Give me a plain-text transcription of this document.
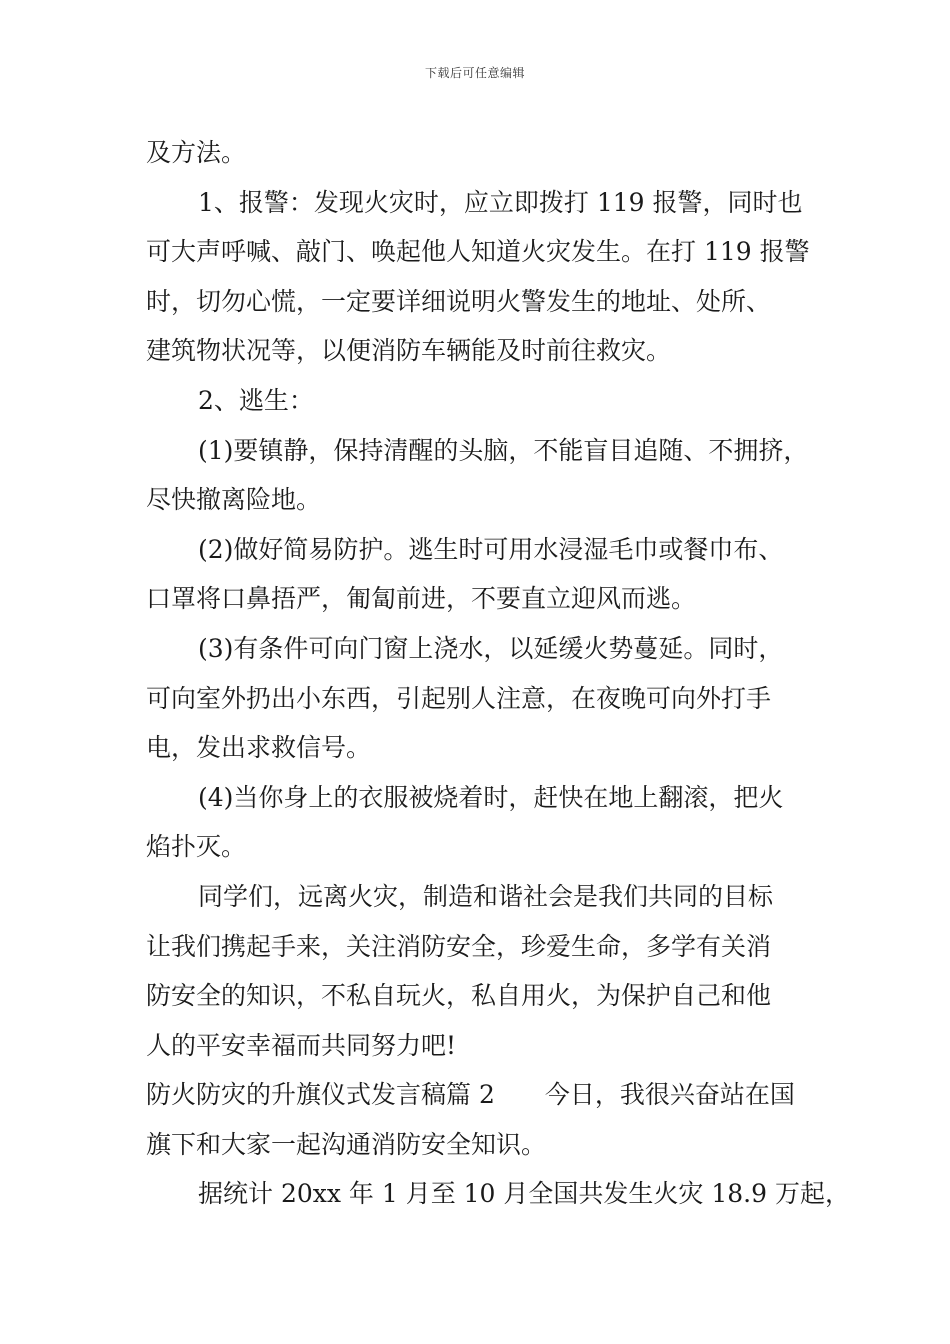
下载后可任意编辑
及方法。
1、报警：发现火灾时，应立即拨打 119 报警，同时也
可大声呼喊、敲门、唤起他人知道火灾发生。在打 119 报警
时，切勿心慌，一定要详细说明火警发生的地址、处所、
建筑物状况等，以便消防车辆能及时前往救灾。
2、逃生：
(1)要镇静，保持清醒的头脑，不能盲目追随、不拥挤，
尽快撤离险地。
(2)做好简易防护。逃生时可用水浸湿毛巾或餐巾布、
口罩将口鼻捂严，匍匐前进，不要直立迎风而逃。
(3)有条件可向门窗上浇水，以延缓火势蔓延。同时，
可向室外扔出小东西，引起别人注意，在夜晚可向外打手
电，发出求救信号。
(4)当你身上的衣服被烧着时，赶快在地上翻滚，把火
焰扑灭。
同学们，远离火灾，制造和谐社会是我们共同的目标
让我们携起手来，关注消防安全，珍爱生命，多学有关消
防安全的知识，不私自玩火，私自用火，为保护自己和他
人的平安幸福而共同努力吧!
防火防灾的升旗仪式发言稿篇 2　　今日，我很兴奋站在国
旗下和大家一起沟通消防安全知识。
据统计 20xx 年 1 月至 10 月全国共发生火灾 18.9 万起，
